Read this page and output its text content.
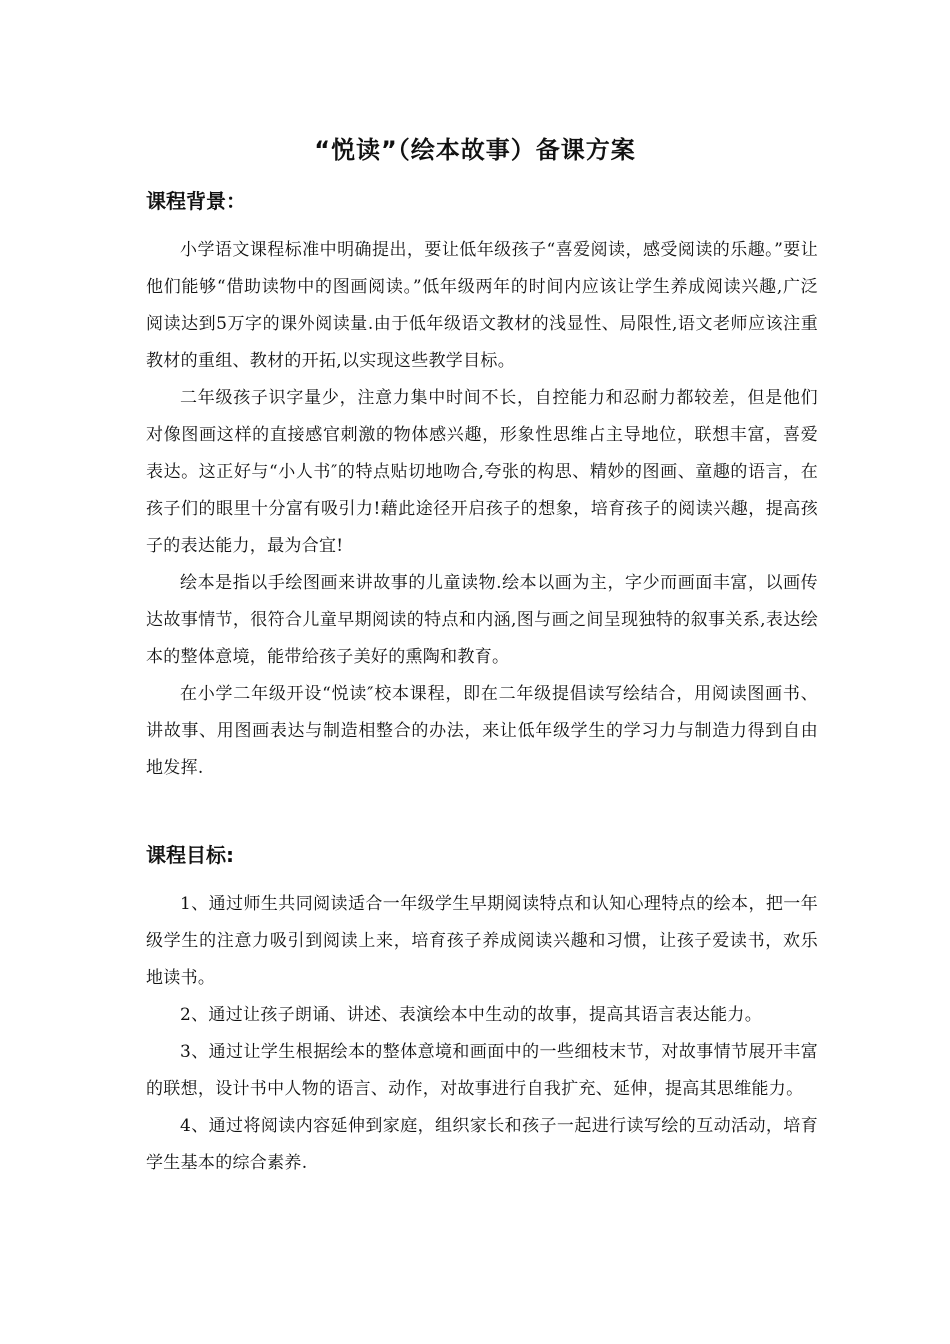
“悦读”（绘本故事）备课方案
课程背景：

小学语文课程标准中明确提出，要让低年级孩子“喜爱阅读，感受阅读的乐趣。”要让他们能够“借助读物中的图画阅读。”低年级两年的时间内应该让学生养成阅读兴趣,广泛阅读达到5万字的课外阅读量.由于低年级语文教材的浅显性、局限性,语文老师应该注重教材的重组、教材的开拓,以实现这些教学目标。

二年级孩子识字量少，注意力集中时间不长，自控能力和忍耐力都较差，但是他们对像图画这样的直接感官刺激的物体感兴趣，形象性思维占主导地位，联想丰富，喜爱表达。这正好与“小人书″的特点贴切地吻合,夸张的构思、精妙的图画、童趣的语言，在孩子们的眼里十分富有吸引力!藉此途径开启孩子的想象，培育孩子的阅读兴趣，提高孩子的表达能力，最为合宜!

绘本是指以手绘图画来讲故事的儿童读物.绘本以画为主，字少而画面丰富，以画传达故事情节，很符合儿童早期阅读的特点和内涵,图与画之间呈现独特的叙事关系,表达绘本的整体意境，能带给孩子美好的熏陶和教育。

在小学二年级开设“悦读″校本课程，即在二年级提倡读写绘结合，用阅读图画书、讲故事、用图画表达与制造相整合的办法，来让低年级学生的学习力与制造力得到自由地发挥.

课程目标:

1、通过师生共同阅读适合一年级学生早期阅读特点和认知心理特点的绘本，把一年级学生的注意力吸引到阅读上来，培育孩子养成阅读兴趣和习惯，让孩子爱读书，欢乐地读书。

2、通过让孩子朗诵、讲述、表演绘本中生动的故事，提高其语言表达能力。

3、通过让学生根据绘本的整体意境和画面中的一些细枝末节，对故事情节展开丰富的联想，设计书中人物的语言、动作，对故事进行自我扩充、延伸，提高其思维能力。

4、通过将阅读内容延伸到家庭，组织家长和孩子一起进行读写绘的互动活动，培育学生基本的综合素养.
